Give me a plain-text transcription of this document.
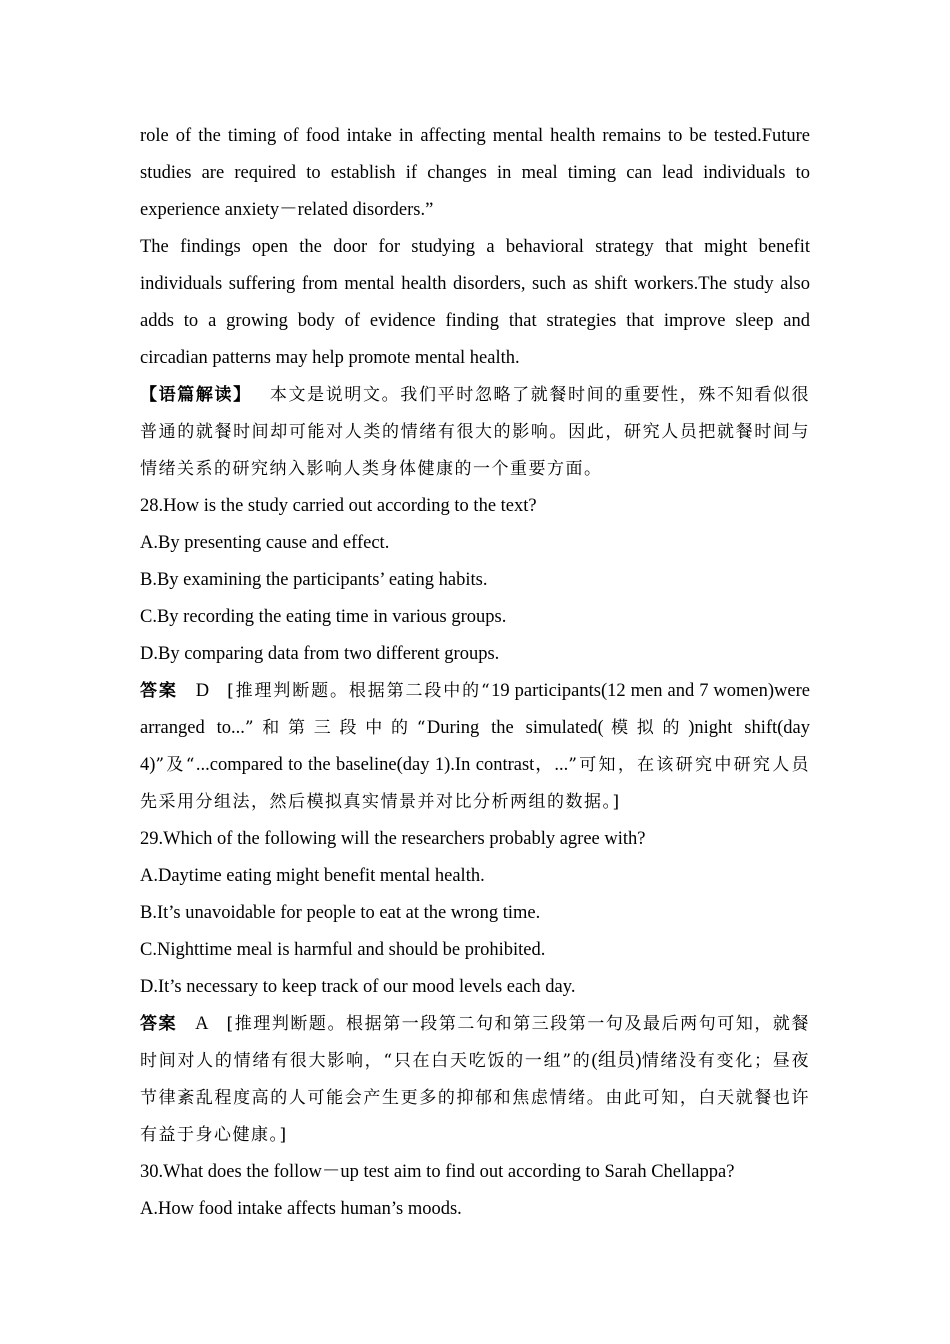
role of the timing of food intake in affecting mental health remains to be tested.Future studies are required to establish if changes in meal timing can lead individuals to experience anxiety－related disorders.”

The findings open the door for studying a behavioral strategy that might benefit individuals suffering from mental health disorders, such as shift workers.The study also adds to a growing body of evidence finding that strategies that improve sleep and circadian patterns may help promote mental health.

【语篇解读】 本文是说明文。我们平时忽略了就餐时间的重要性，殊不知看似很普通的就餐时间却可能对人类的情绪有很大的影响。因此，研究人员把就餐时间与情绪关系的研究纳入影响人类身体健康的一个重要方面。

28.How is the study carried out according to the text?

A.By presenting cause and effect.

B.By examining the participants’ eating habits.

C.By recording the eating time in various groups.

D.By comparing data from two different groups.

答案 D [推理判断题。根据第二段中的“19 participants(12 men and 7 women)were arranged to...”和第三段中的“During the simulated(模拟的)night shift(day 4)”及“...compared to the baseline(day 1).In contrast，...”可知，在该研究中研究人员先采用分组法，然后模拟真实情景并对比分析两组的数据。]

29.Which of the following will the researchers probably agree with?

A.Daytime eating might benefit mental health.

B.It’s unavoidable for people to eat at the wrong time.

C.Nighttime meal is harmful and should be prohibited.

D.It’s necessary to keep track of our mood levels each day.

答案 A [推理判断题。根据第一段第二句和第三段第一句及最后两句可知，就餐时间对人的情绪有很大影响，“只在白天吃饭的一组”的(组员)情绪没有变化；昼夜节律紊乱程度高的人可能会产生更多的抑郁和焦虑情绪。由此可知，白天就餐也许有益于身心健康。]

30.What does the follow－up test aim to find out according to Sarah Chellappa?

A.How food intake affects human’s moods.
